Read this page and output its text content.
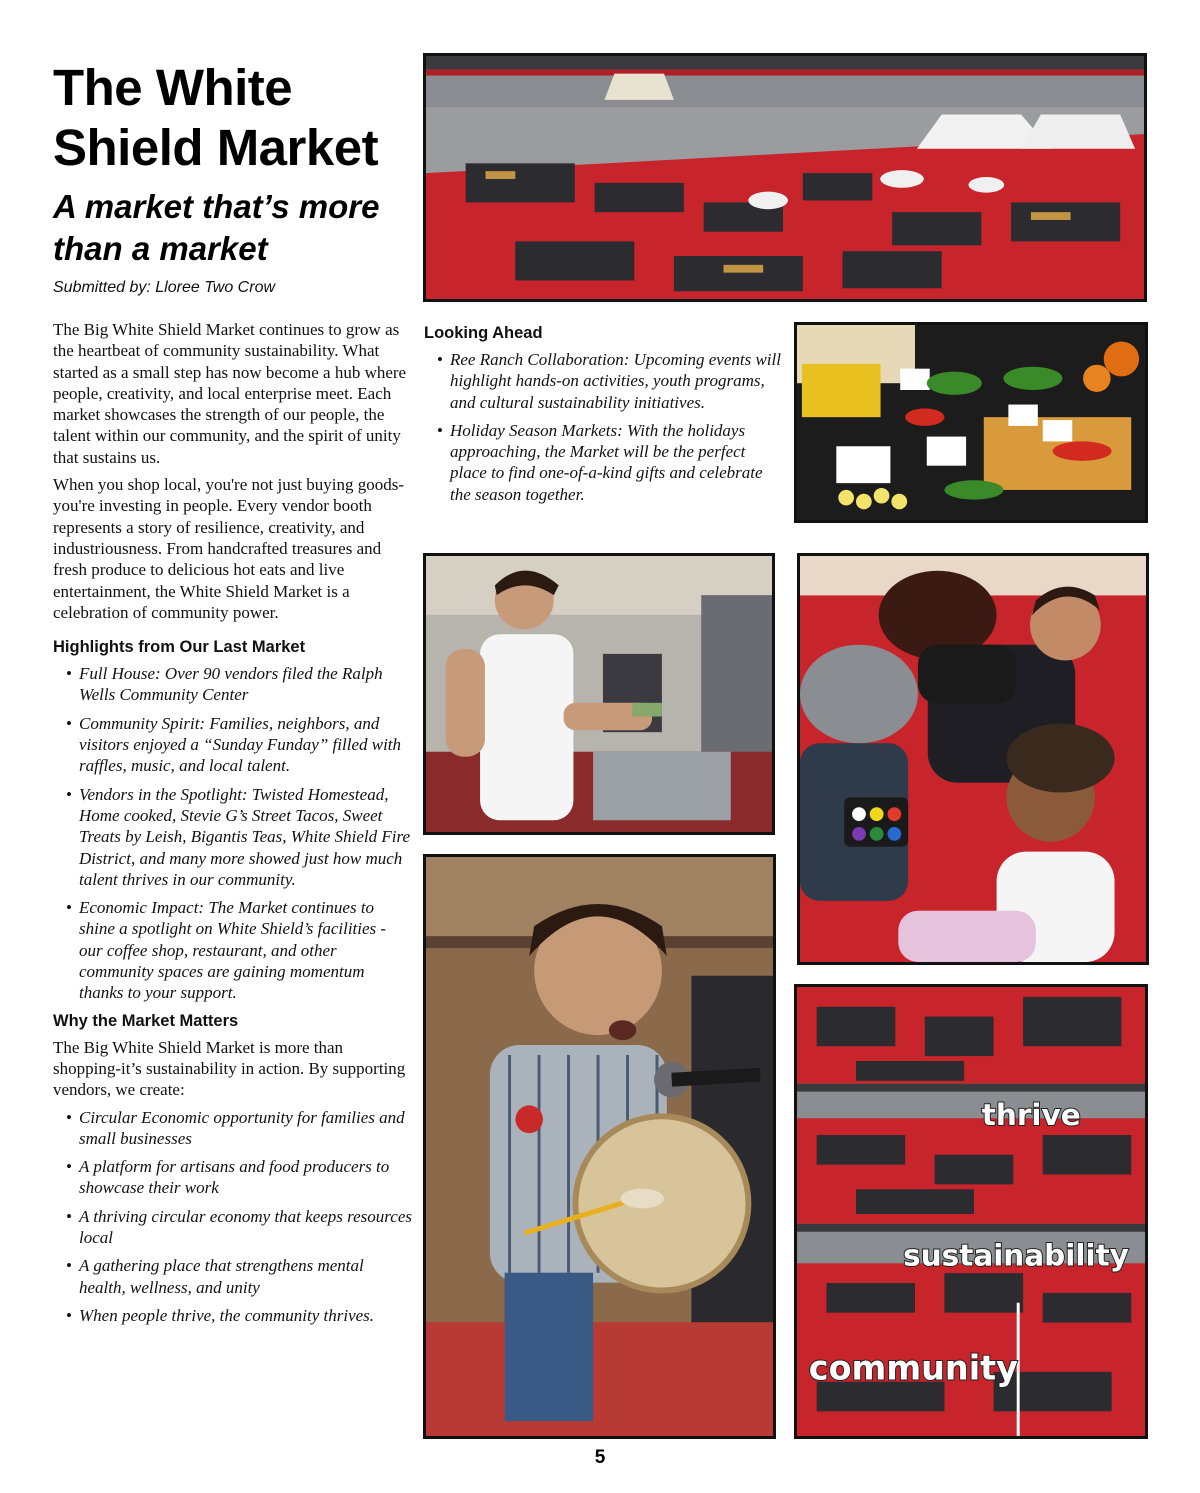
The White Shield Market
A market that’s more than a market
Submitted by: Lloree Two Crow

The Big White Shield Market continues to grow as the heartbeat of community sustainability. What started as a small step has now become a hub where people, creativity, and local enterprise meet. Each market showcases the strength of our people, the talent within our community, and the spirit of unity that sustains us.

When you shop local, you're not just buying goods-you're investing in people. Every vendor booth represents a story of resilience, creativity, and industriousness. From handcrafted treasures and fresh produce to delicious hot eats and live entertainment, the White Shield Market is a celebration of community power.

Highlights from Our Last Market
• Full House: Over 90 vendors filed the Ralph Wells Community Center
• Community Spirit: Families, neighbors, and visitors enjoyed a “Sunday Funday” filled with raffles, music, and local talent.
• Vendors in the Spotlight: Twisted Homestead, Home cooked, Stevie G’s Street Tacos, Sweet Treats by Leish, Bigantis Teas, White Shield Fire District, and many more showed just how much talent thrives in our community.
• Economic Impact: The Market continues to shine a spotlight on White Shield’s facilities - our coffee shop, restaurant, and other community spaces are gaining momentum thanks to your support.
Why the Market Matters

The Big White Shield Market is more than shopping-it’s sustainability in action. By supporting vendors, we create:

• Circular Economic opportunity for families and small businesses
• A platform for artisans and food producers to showcase their work
• A thriving circular economy that keeps resources local
• A gathering place that strengthens mental health, wellness, and unity
• When people thrive, the community thrives.
Looking Ahead
• Ree Ranch Collaboration: Upcoming events will highlight hands-on activities, youth programs, and cultural sustainability initiatives.
• Holiday Season Markets: With the holidays approaching, the Market will be the perfect place to find one-of-a-kind gifts and celebrate the season together.
thrive
sustainability
community
5
